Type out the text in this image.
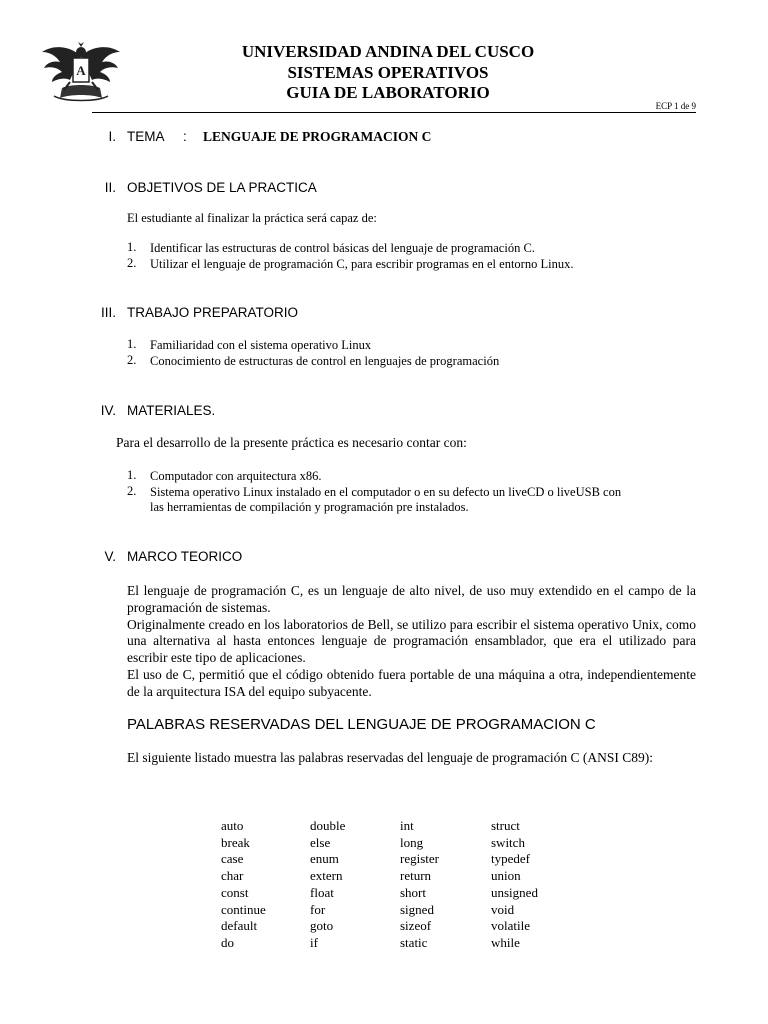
A
UNIVERSIDAD ANDINA DEL CUSCO
SISTEMAS OPERATIVOS
GUIA DE LABORATORIO
ECP 1 de 9
I. TEMA : LENGUAJE DE PROGRAMACION C
II. OBJETIVOS DE LA PRACTICA
El estudiante al finalizar la práctica será capaz de:
1. Identificar las estructuras de control básicas del lenguaje de programación C.
2. Utilizar el lenguaje de programación C, para escribir programas en el entorno Linux.
III. TRABAJO PREPARATORIO
1. Familiaridad con el sistema operativo Linux
2. Conocimiento de estructuras de control en lenguajes de programación
IV. MATERIALES.
Para el desarrollo de la presente práctica es necesario contar con:
1. Computador con arquitectura x86.
2. Sistema operativo Linux instalado en el computador o en su defecto un liveCD o liveUSB con
las herramientas de compilación y programación pre instalados.
V. MARCO TEORICO

El lenguaje de programación C, es un lenguaje de alto nivel, de uso muy extendido en el campo de la programación de sistemas.

Originalmente creado en los laboratorios de Bell, se utilizo para escribir el sistema operativo Unix, como una alternativa al hasta entonces lenguaje de programación ensamblador, que era el utilizado para escribir este tipo de aplicaciones.

El uso de C, permitió que el código obtenido fuera portable de una máquina a otra, independientemente de la arquitectura ISA del equipo subyacente.

PALABRAS RESERVADAS DEL LENGUAJE DE PROGRAMACION C
El siguiente listado muestra las palabras reservadas del lenguaje de programación C (ANSI C89):
auto	double	int	struct
break	else	long	switch
case	enum	register	typedef
char	extern	return	union
const	float	short	unsigned
continue	for	signed	void
default	goto	sizeof	volatile
do	if	static	while
